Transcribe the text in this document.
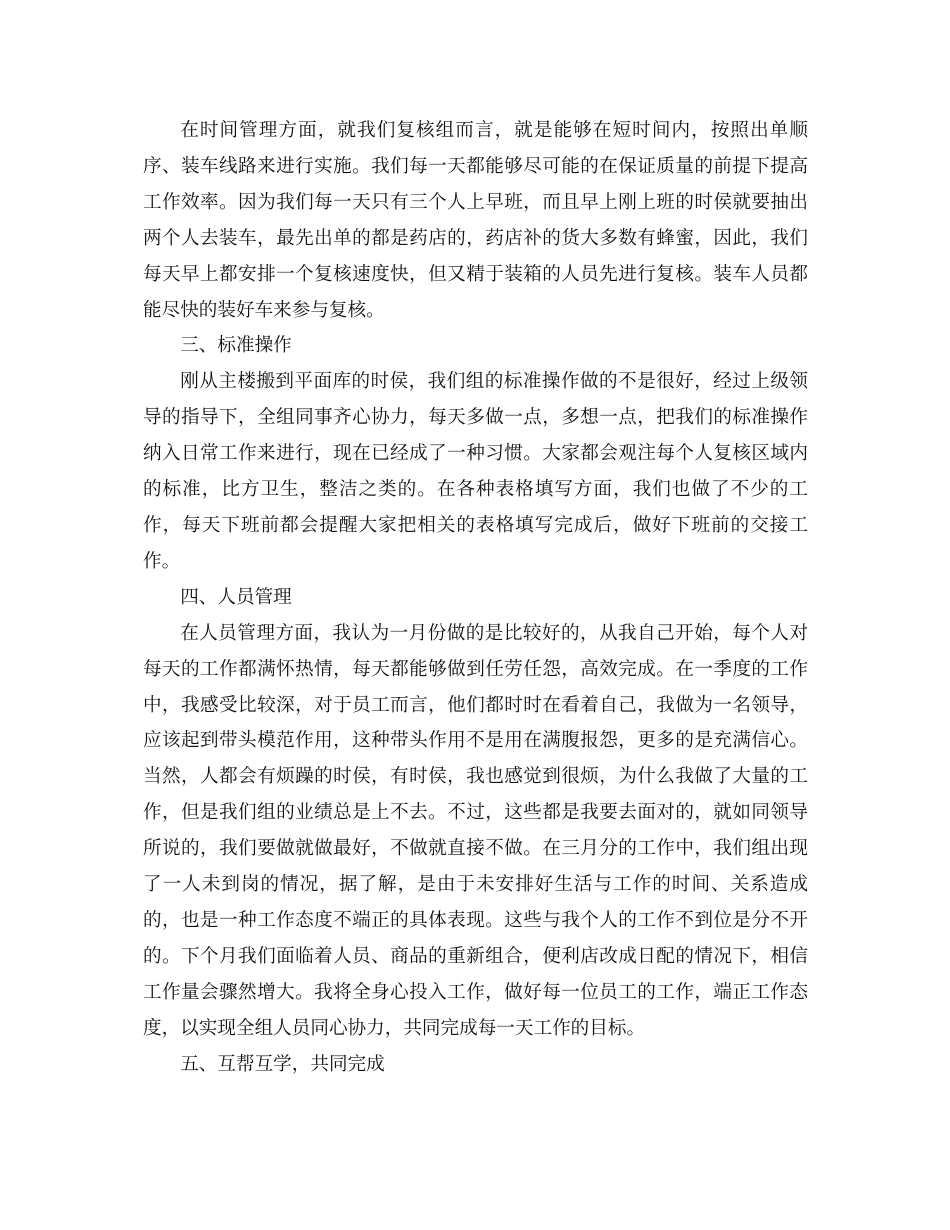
在时间管理方面，就我们复核组而言，就是能够在短时间内，按照出单顺序、装车线路来进行实施。我们每一天都能够尽可能的在保证质量的前提下提高工作效率。因为我们每一天只有三个人上早班，而且早上刚上班的时侯就要抽出两个人去装车，最先出单的都是药店的，药店补的货大多数有蜂蜜，因此，我们每天早上都安排一个复核速度快，但又精于装箱的人员先进行复核。装车人员都能尽快的装好车来参与复核。

三、标准操作

刚从主楼搬到平面库的时侯，我们组的标准操作做的不是很好，经过上级领导的指导下，全组同事齐心协力，每天多做一点，多想一点，把我们的标准操作纳入日常工作来进行，现在已经成了一种习惯。大家都会观注每个人复核区域内的标准，比方卫生，整洁之类的。在各种表格填写方面，我们也做了不少的工作，每天下班前都会提醒大家把相关的表格填写完成后，做好下班前的交接工作。

四、人员管理

在人员管理方面，我认为一月份做的是比较好的，从我自己开始，每个人对每天的工作都满怀热情，每天都能够做到任劳任怨，高效完成。在一季度的工作中，我感受比较深，对于员工而言，他们都时时在看着自己，我做为一名领导，应该起到带头模范作用，这种带头作用不是用在满腹报怨，更多的是充满信心。当然，人都会有烦躁的时侯，有时侯，我也感觉到很烦，为什么我做了大量的工作，但是我们组的业绩总是上不去。不过，这些都是我要去面对的，就如同领导所说的，我们要做就做最好，不做就直接不做。在三月分的工作中，我们组出现了一人未到岗的情况，据了解，是由于未安排好生活与工作的时间、关系造成的，也是一种工作态度不端正的具体表现。这些与我个人的工作不到位是分不开的。下个月我们面临着人员、商品的重新组合，便利店改成日配的情况下，相信工作量会骤然增大。我将全身心投入工作，做好每一位员工的工作，端正工作态度，以实现全组人员同心协力，共同完成每一天工作的目标。

五、互帮互学，共同完成
